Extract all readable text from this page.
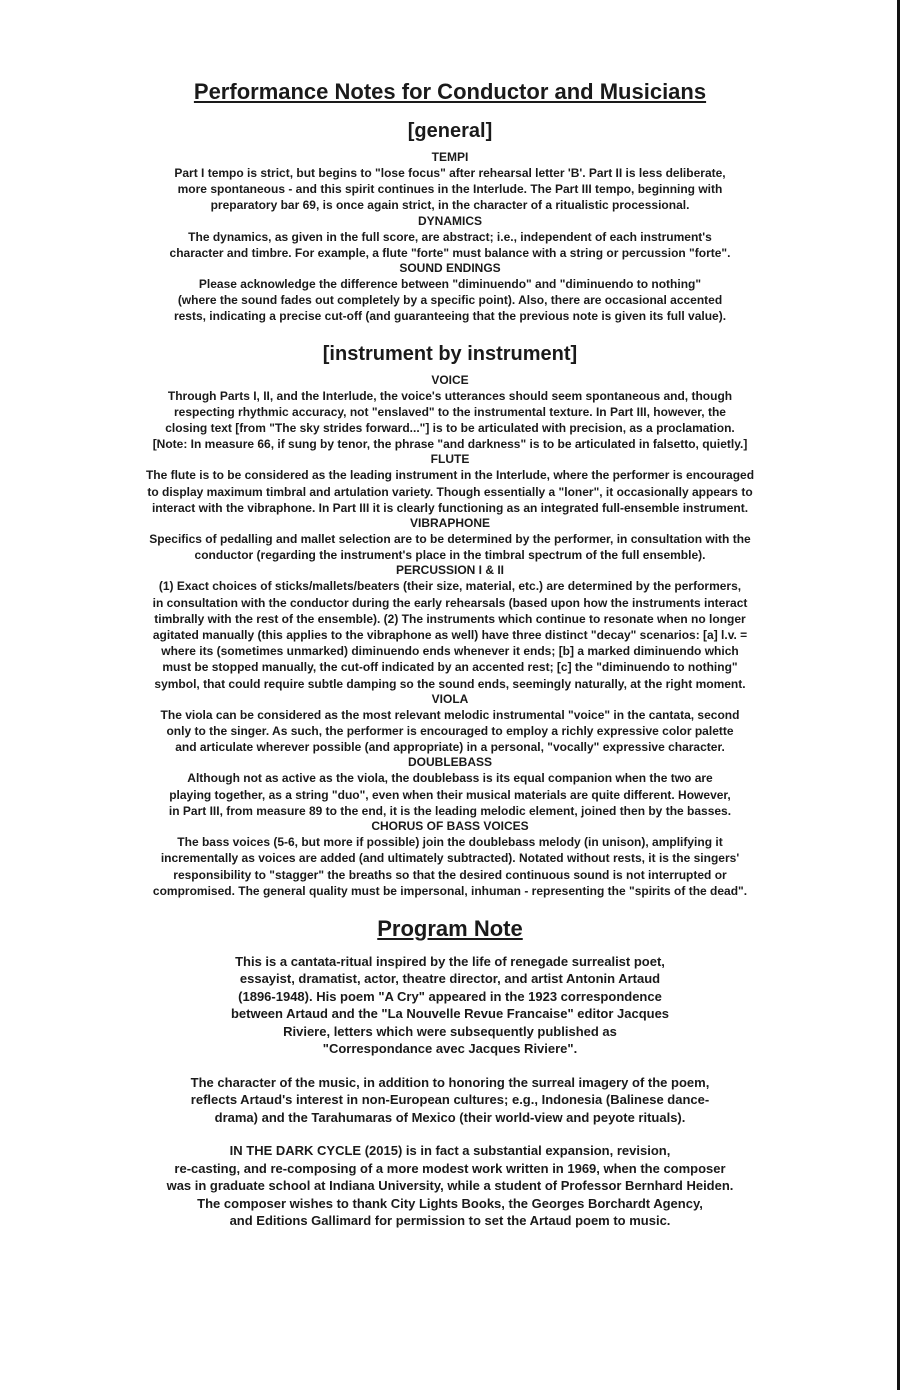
Performance Notes for Conductor and Musicians
[general]
TEMPI
Part I tempo is strict, but begins to "lose focus" after rehearsal letter 'B'. Part II is less deliberate,
more spontaneous - and this spirit continues in the Interlude. The Part III tempo, beginning with
preparatory bar 69, is once again strict, in the character of a ritualistic processional.
DYNAMICS
The dynamics, as given in the full score, are abstract; i.e., independent of each instrument's
character and timbre. For example, a flute "forte" must balance with a string or percussion "forte".
SOUND ENDINGS
Please acknowledge the difference between "diminuendo" and "diminuendo to nothing"
(where the sound fades out completely by a specific point). Also, there are occasional accented
rests, indicating a precise cut-off (and guaranteeing that the previous note is given its full value).
[instrument by instrument]
VOICE
Through Parts I, II, and the Interlude, the voice's utterances should seem spontaneous and, though
respecting rhythmic accuracy, not "enslaved" to the instrumental texture. In Part III, however, the
closing text [from "The sky strides forward..."] is to be articulated with precision, as a proclamation.
[Note: In measure 66, if sung by tenor, the phrase "and darkness" is to be articulated in falsetto, quietly.]
FLUTE
The flute is to be considered as the leading instrument in the Interlude, where the performer is encouraged
to display maximum timbral and artulation variety. Though essentially a "loner", it occasionally appears to
interact with the vibraphone. In Part III it is clearly functioning as an integrated full-ensemble instrument.
VIBRAPHONE
Specifics of pedalling and mallet selection are to be determined by the performer, in consultation with the
conductor (regarding the instrument's place in the timbral spectrum of the full ensemble).
PERCUSSION I & II
(1) Exact choices of sticks/mallets/beaters (their size, material, etc.) are determined by the performers,
in consultation with the conductor during the early rehearsals (based upon how the instruments interact
timbrally with the rest of the ensemble). (2) The instruments which continue to resonate when no longer
agitated manually (this applies to the vibraphone as well) have three distinct "decay" scenarios: [a] l.v. =
where its (sometimes unmarked) diminuendo ends whenever it ends; [b] a marked diminuendo which
must be stopped manually, the cut-off indicated by an accented rest; [c] the "diminuendo to nothing"
symbol, that could require subtle damping so the sound ends, seemingly naturally, at the right moment.
VIOLA
The viola can be considered as the most relevant melodic instrumental "voice" in the cantata, second
only to the singer. As such, the performer is encouraged to employ a richly expressive color palette
and articulate wherever possible (and appropriate) in a personal, "vocally" expressive character.
DOUBLEBASS
Although not as active as the viola, the doublebass is its equal companion when the two are
playing together, as a string "duo", even when their musical materials are quite different. However,
in Part III, from measure 89 to the end, it is the leading melodic element, joined then by the basses.
CHORUS OF BASS VOICES
The bass voices (5-6, but more if possible) join the doublebass melody (in unison), amplifying it
incrementally as voices are added (and ultimately subtracted). Notated without rests, it is the singers'
responsibility to "stagger" the breaths so that the desired continuous sound is not interrupted or
compromised. The general quality must be impersonal, inhuman - representing the "spirits of the dead".
Program Note

This is a cantata-ritual inspired by the life of renegade surrealist poet,
essayist, dramatist, actor, theatre director, and artist Antonin Artaud
(1896-1948). His poem "A Cry" appeared in the 1923 correspondence
between Artaud and the "La Nouvelle Revue Francaise" editor Jacques
Riviere, letters which were subsequently published as
"Correspondance avec Jacques Riviere".

The character of the music, in addition to honoring the surreal imagery of the poem,
reflects Artaud's interest in non-European cultures; e.g., Indonesia (Balinese dance-
drama) and the Tarahumaras of Mexico (their world-view and peyote rituals).

IN THE DARK CYCLE (2015) is in fact a substantial expansion, revision,
re-casting, and re-composing of a more modest work written in 1969, when the composer
was in graduate school at Indiana University, while a student of Professor Bernhard Heiden.
The composer wishes to thank City Lights Books, the Georges Borchardt Agency,
and Editions Gallimard for permission to set the Artaud poem to music.
